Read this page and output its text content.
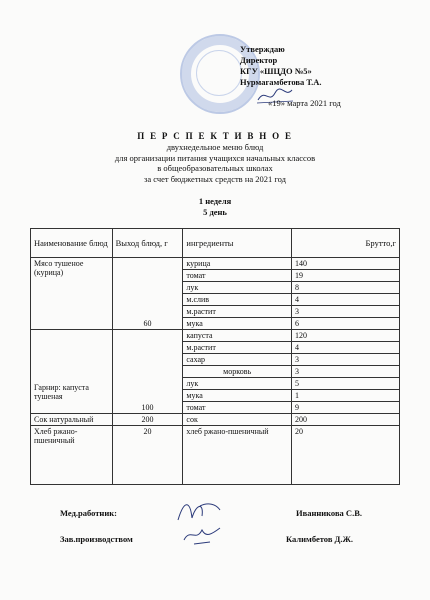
Утверждаю
Директор
КГУ «ШЦДО №5»
Нурмагамбетова Т.А.
«19» марта 2021 год
П Е Р С П Е К Т И В Н О Е
двухнедельное меню блюд
для организации питания учащихся начальных классов
в общеобразовательных школах
за счет бюджетных средств на 2021 год
1 неделя
5 день
Наименование блюд	Выход блюд, г	ингредиенты	Брутто,г
Мясо тушеное (курица)	60	курица	140
		томат	19
		лук	8
		м.слив	4
		м.растит	3
		мука	6
Гарнир: капуста тушеная	100	капуста	120
		м.растит	4
		сахар	3
		морковь	3
		лук	5
		мука	1
		томат	9
Сок натуральный	200	сок	200
Хлеб ржано-пшеничный	20	хлеб ржано-пшеничный	20
Мед.работник:	Иванникова С.В.
Зав.производством	Калимбетов Д.Ж.
